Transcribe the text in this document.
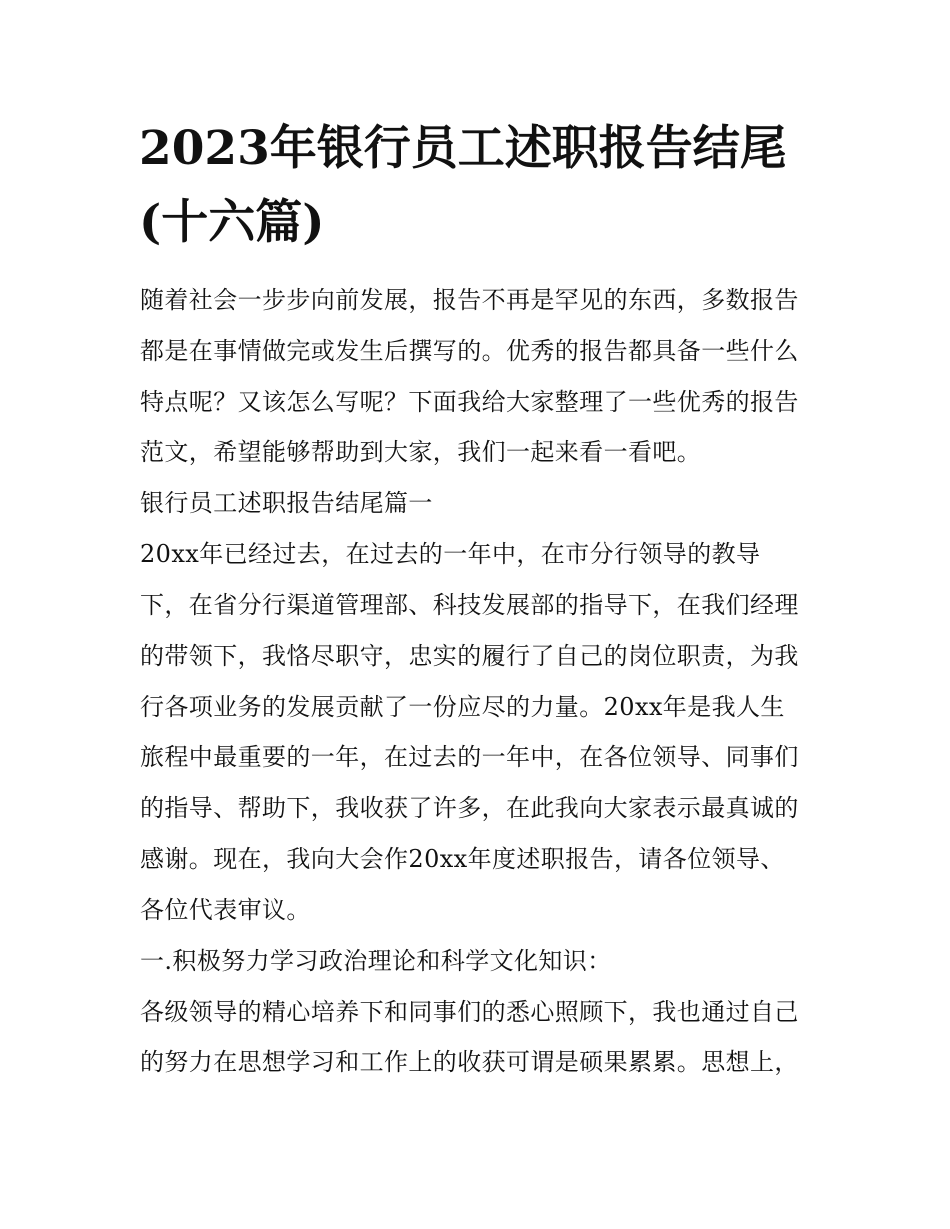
2023年银行员工述职报告结尾
(十六篇)

随着社会一步步向前发展，报告不再是罕见的东西，多数报告

都是在事情做完或发生后撰写的。优秀的报告都具备一些什么

特点呢？又该怎么写呢？下面我给大家整理了一些优秀的报告

范文，希望能够帮助到大家，我们一起来看一看吧。

银行员工述职报告结尾篇一

20xx年已经过去，在过去的一年中，在市分行领导的教导

下，在省分行渠道管理部、科技发展部的指导下，在我们经理

的带领下，我恪尽职守，忠实的履行了自己的岗位职责，为我

行各项业务的发展贡献了一份应尽的力量。20xx年是我人生

旅程中最重要的一年，在过去的一年中，在各位领导、同事们

的指导、帮助下，我收获了许多，在此我向大家表示最真诚的

感谢。现在，我向大会作20xx年度述职报告，请各位领导、

各位代表审议。

一.积极努力学习政治理论和科学文化知识：

各级领导的精心培养下和同事们的悉心照顾下，我也通过自己

的努力在思想学习和工作上的收获可谓是硕果累累。思想上，
